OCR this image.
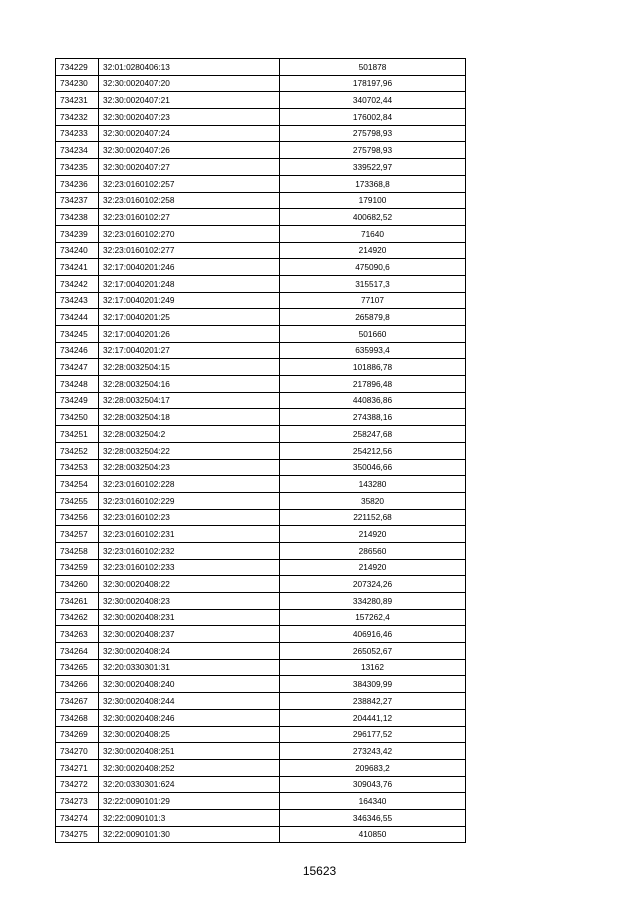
734229	32:01:0280406:13	501878
734230	32:30:0020407:20	178197,96
734231	32:30:0020407:21	340702,44
734232	32:30:0020407:23	176002,84
734233	32:30:0020407:24	275798,93
734234	32:30:0020407:26	275798,93
734235	32:30:0020407:27	339522,97
734236	32:23:0160102:257	173368,8
734237	32:23:0160102:258	179100
734238	32:23:0160102:27	400682,52
734239	32:23:0160102:270	71640
734240	32:23:0160102:277	214920
734241	32:17:0040201:246	475090,6
734242	32:17:0040201:248	315517,3
734243	32:17:0040201:249	77107
734244	32:17:0040201:25	265879,8
734245	32:17:0040201:26	501660
734246	32:17:0040201:27	635993,4
734247	32:28:0032504:15	101886,78
734248	32:28:0032504:16	217896,48
734249	32:28:0032504:17	440836,86
734250	32:28:0032504:18	274388,16
734251	32:28:0032504:2	258247,68
734252	32:28:0032504:22	254212,56
734253	32:28:0032504:23	350046,66
734254	32:23:0160102:228	143280
734255	32:23:0160102:229	35820
734256	32:23:0160102:23	221152,68
734257	32:23:0160102:231	214920
734258	32:23:0160102:232	286560
734259	32:23:0160102:233	214920
734260	32:30:0020408:22	207324,26
734261	32:30:0020408:23	334280,89
734262	32:30:0020408:231	157262,4
734263	32:30:0020408:237	406916,46
734264	32:30:0020408:24	265052,67
734265	32:20:0330301:31	13162
734266	32:30:0020408:240	384309,99
734267	32:30:0020408:244	238842,27
734268	32:30:0020408:246	204441,12
734269	32:30:0020408:25	296177,52
734270	32:30:0020408:251	273243,42
734271	32:30:0020408:252	209683,2
734272	32:20:0330301:624	309043,76
734273	32:22:0090101:29	164340
734274	32:22:0090101:3	346346,55
734275	32:22:0090101:30	410850
15623
